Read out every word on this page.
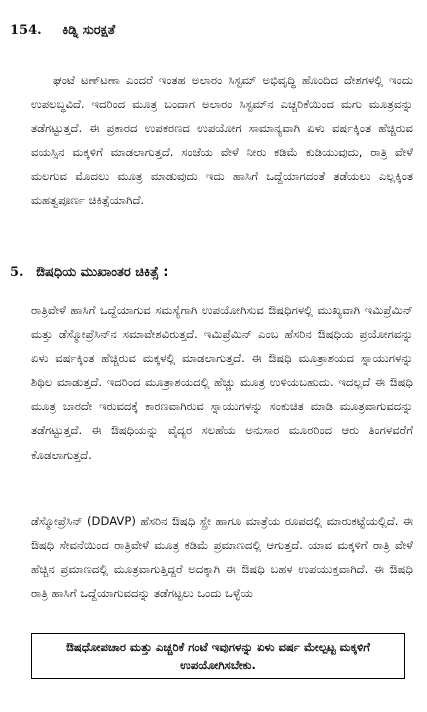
154. ಕಿಡ್ನಿ ಸುರಕ್ಷತೆ

ಘಂಟೆ ಟಣ್‌ಟಣಾ ಎಂದರೆ ಇಂತಹ ಅಲಾರಂ ಸಿಸ್ಟಮ್ ಅಭಿವೃದ್ಧಿ ಹೊಂದಿದ ದೇಶಗಳಲ್ಲಿ ಇಂದು ಉಪಲಬ್ಧವಿದೆ. ಇದರಿಂದ ಮೂತ್ರ ಬಂದಾಗ ಅಲಾರಂ ಸಿಸ್ಟಮ್‌ನ ಎಚ್ಚರಿಕೆಯಿಂದ ಮಗು ಮೂತ್ರವನ್ನು ತಡೆಗಟ್ಟುತ್ತದೆ. ಈ ಪ್ರಕಾರದ ಉಪಕರಣದ ಉಪಯೋಗ ಸಾಮಾನ್ಯವಾಗಿ ಏಳು ವರ್ಷಕ್ಕಿಂತ ಹೆಚ್ಚಿರುವ ವಯಸ್ಸಿನ ಮಕ್ಕಳಿಗೆ ಮಾಡಲಾಗುತ್ತದೆ. ಸಂಜೆಯ ವೇಳೆ ನೀರು ಕಡಿಮೆ ಕುಡಿಯುವುದು, ರಾತ್ರಿ ವೇಳೆ ಮಲಗುವ ಮೊದಲು ಮೂತ್ರ ಮಾಡುವುದು ಇದು ಹಾಸಿಗೆ ಒದ್ದೆಯಾಗದಂತೆ ತಡೆಯಲು ಎಲ್ಲಕ್ಕಿಂತ ಮಹತ್ವಪೂರ್ಣ ಚಿಕಿತ್ಸೆಯಾಗಿದೆ.

5. ಔಷಧಿಯ ಮುಖಾಂತರ ಚಿಕಿತ್ಸೆ :

ರಾತ್ರಿವೇಳೆ ಹಾಸಿಗೆ ಒದ್ದೆಯಾಗುವ ಸಮಸ್ಯೆಗಾಗಿ ಉಪಯೋಗಿಸುವ ಔಷಧಿಗಳಲ್ಲಿ ಮುಖ್ಯವಾಗಿ ಇಮಿಪ್ರೆಮಿನ್ ಮತ್ತು ಡೆಸ್ಮೋಪ್ರೆಸಿನ್‌ನ ಸಮಾವೇಶವಿರುತ್ತದೆ. ಇಮಿಪ್ರೆಮಿನ್ ಎಂಬ ಹೆಸರಿನ ಔಷಧಿಯ ಪ್ರಯೋಗವನ್ನು ಏಳು ವರ್ಷಕ್ಕಿಂತ ಹೆಚ್ಚಿರುವ ಮಕ್ಕಳಲ್ಲಿ ಮಾಡಲಾಗುತ್ತದೆ. ಈ ಔಷಧಿ ಮೂತ್ರಾಶಯದ ಸ್ನಾಯುಗಳನ್ನು ಶಿಥಿಲ ಮಾಡುತ್ತದೆ. ಇದರಿಂದ ಮೂತ್ರಾಶಯದಲ್ಲಿ ಹೆಚ್ಚು ಮೂತ್ರ ಉಳಿಯಬಹುದು. ಇದಲ್ಲದೆ ಈ ಔಷಧಿ ಮೂತ್ರ ಬಾರದೇ ಇರುವದಕ್ಕೆ ಕಾರಣವಾಗಿರುವ ಸ್ನಾಯುಗಳನ್ನು ಸಂಕುಚಿತ ಮಾಡಿ ಮೂತ್ರವಾಗುವದನ್ನು ತಡೆಗಟ್ಟುತ್ತದೆ. ಈ ಔಷಧಿಯನ್ನು ವೈದ್ಯರ ಸಲಹೆಯ ಅನುಸಾರ ಮೂರರಿಂದ ಆರು ತಿಂಗಳವರೆಗೆ ಕೊಡಲಾಗುತ್ತದೆ.

ಡೆಸ್ಮೋಪ್ರೆಸಿನ್ (DDAVP) ಹೆಸರಿನ ಔಷಧಿ ಸ್ಪ್ರೇ ಹಾಗೂ ಮಾತ್ರೆಯ ರೂಪದಲ್ಲಿ ಮಾರುಕಟ್ಟೆಯಲ್ಲಿದೆ. ಈ ಔಷಧಿ ಸೇವನೆಯಿಂದ ರಾತ್ರಿವೇಳೆ ಮೂತ್ರ ಕಡಿಮೆ ಪ್ರಮಾಣದಲ್ಲಿ ಆಗುತ್ತದೆ. ಯಾವ ಮಕ್ಕಳಿಗೆ ರಾತ್ರಿ ವೇಳೆ ಹೆಚ್ಚಿನ ಪ್ರಮಾಣದಲ್ಲಿ ಮೂತ್ರವಾಗುತ್ತಿದ್ದರೆ ಅದಕ್ಕಾಗಿ ಈ ಔಷಧಿ ಬಹಳ ಉಪಯುಕ್ತವಾಗಿದೆ. ಈ ಔಷಧಿ ರಾತ್ರಿ ಹಾಸಿಗೆ ಒದ್ದೆಯಾಗುವದನ್ನು ತಡೆಗಟ್ಟಲು ಒಂದು ಒಳ್ಳೆಯ

ಔಷಧೋಪಚಾರ ಮತ್ತು ಎಚ್ಚರಿಕೆ ಗಂಟೆ ಇವುಗಳನ್ನು ಏಳು ವರ್ಷ ಮೇಲ್ಪಟ್ಟ ಮಕ್ಕಳಿಗೆ ಉಪಯೋಗಿಸಬೇಕು.
